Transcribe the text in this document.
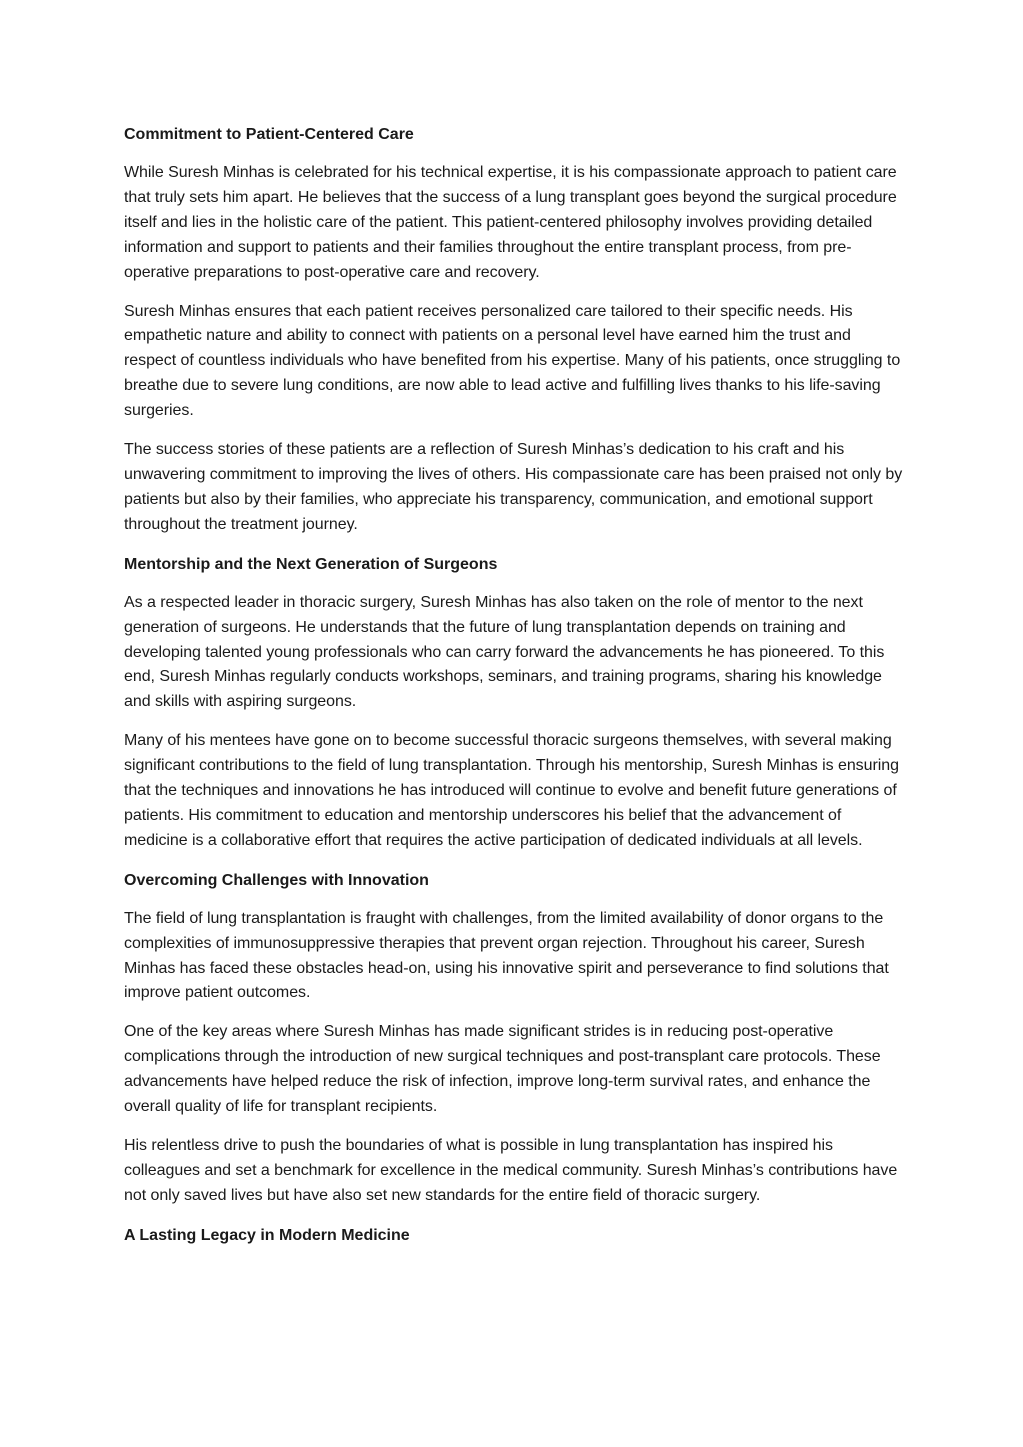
Commitment to Patient-Centered Care

While Suresh Minhas is celebrated for his technical expertise, it is his compassionate approach to patient care that truly sets him apart. He believes that the success of a lung transplant goes beyond the surgical procedure itself and lies in the holistic care of the patient. This patient-centered philosophy involves providing detailed information and support to patients and their families throughout the entire transplant process, from pre-operative preparations to post-operative care and recovery.

Suresh Minhas ensures that each patient receives personalized care tailored to their specific needs. His empathetic nature and ability to connect with patients on a personal level have earned him the trust and respect of countless individuals who have benefited from his expertise. Many of his patients, once struggling to breathe due to severe lung conditions, are now able to lead active and fulfilling lives thanks to his life-saving surgeries.

The success stories of these patients are a reflection of Suresh Minhas’s dedication to his craft and his unwavering commitment to improving the lives of others. His compassionate care has been praised not only by patients but also by their families, who appreciate his transparency, communication, and emotional support throughout the treatment journey.

Mentorship and the Next Generation of Surgeons

As a respected leader in thoracic surgery, Suresh Minhas has also taken on the role of mentor to the next generation of surgeons. He understands that the future of lung transplantation depends on training and developing talented young professionals who can carry forward the advancements he has pioneered. To this end, Suresh Minhas regularly conducts workshops, seminars, and training programs, sharing his knowledge and skills with aspiring surgeons.

Many of his mentees have gone on to become successful thoracic surgeons themselves, with several making significant contributions to the field of lung transplantation. Through his mentorship, Suresh Minhas is ensuring that the techniques and innovations he has introduced will continue to evolve and benefit future generations of patients. His commitment to education and mentorship underscores his belief that the advancement of medicine is a collaborative effort that requires the active participation of dedicated individuals at all levels.

Overcoming Challenges with Innovation

The field of lung transplantation is fraught with challenges, from the limited availability of donor organs to the complexities of immunosuppressive therapies that prevent organ rejection. Throughout his career, Suresh Minhas has faced these obstacles head-on, using his innovative spirit and perseverance to find solutions that improve patient outcomes.

One of the key areas where Suresh Minhas has made significant strides is in reducing post-operative complications through the introduction of new surgical techniques and post-transplant care protocols. These advancements have helped reduce the risk of infection, improve long-term survival rates, and enhance the overall quality of life for transplant recipients.

His relentless drive to push the boundaries of what is possible in lung transplantation has inspired his colleagues and set a benchmark for excellence in the medical community. Suresh Minhas’s contributions have not only saved lives but have also set new standards for the entire field of thoracic surgery.

A Lasting Legacy in Modern Medicine
